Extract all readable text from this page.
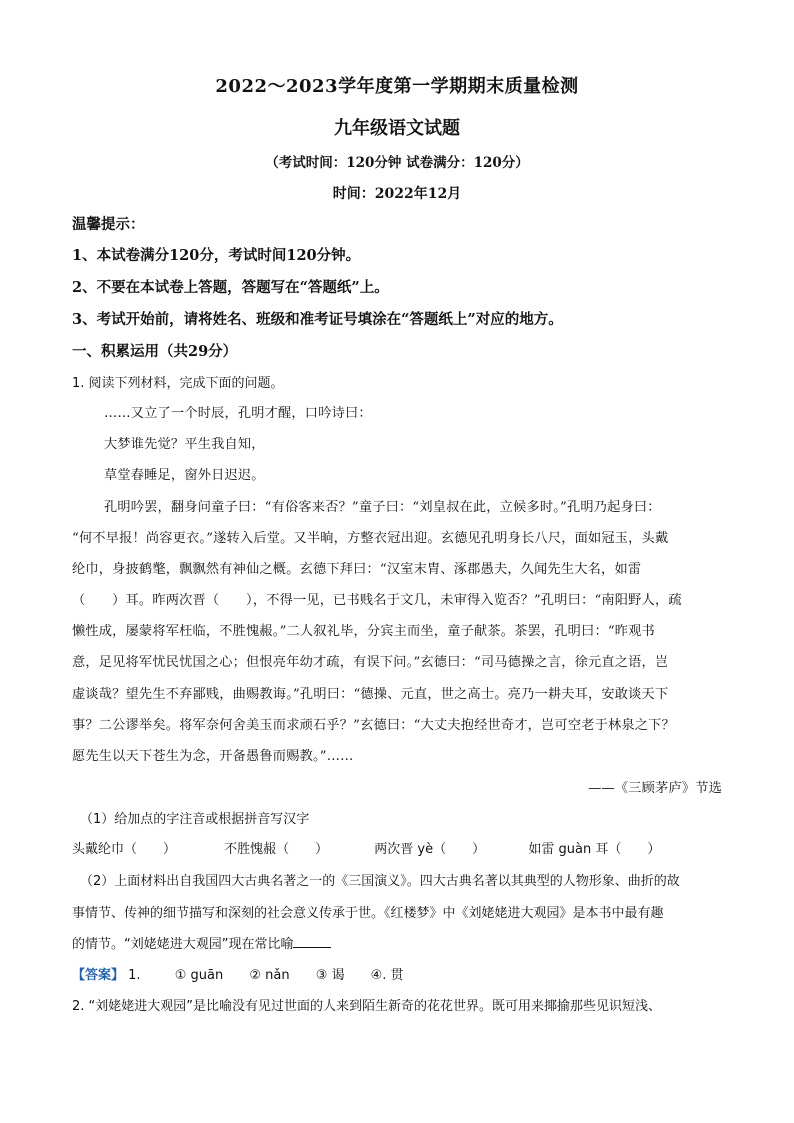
2022～2023学年度第一学期期末质量检测
九年级语文试题
（考试时间：120分钟 试卷满分：120分）
时间：2022年12月
温馨提示：
1、本试卷满分120分，考试时间120分钟。
2、不要在本试卷上答题，答题写在“答题纸”上。
3、考试开始前，请将姓名、班级和准考证号填涂在“答题纸上”对应的地方。
一、积累运用（共29分）
1. 阅读下列材料，完成下面的问题。
……又立了一个时辰，孔明才醒，口吟诗曰：
大梦谁先觉？平生我自知，
草堂春睡足，窗外日迟迟。
孔明吟罢，翻身问童子曰：“有俗客来否？”童子曰：“刘皇叔在此，立候多时。”孔明乃起身曰：
“何不早报！尚容更衣。”遂转入后堂。又半晌，方整衣冠出迎。玄德见孔明身长八尺，面如冠玉，头戴
纶巾，身披鹤氅，飘飘然有神仙之概。玄德下拜曰：“汉室末胄、涿郡愚夫，久闻先生大名，如雷
（　　）耳。昨两次晋（　　），不得一见，已书贱名于文几，未审得入览否？”孔明曰：“南阳野人，疏
懒性成，屡蒙将军枉临，不胜愧赧。”二人叙礼毕，分宾主而坐，童子献茶。茶罢，孔明曰：“昨观书
意，足见将军忧民忧国之心；但恨亮年幼才疏，有误下问。”玄德曰：“司马德操之言，徐元直之语，岂
虚谈哉？望先生不弃鄙贱，曲赐教诲。”孔明曰：“德操、元直，世之高士。亮乃一耕夫耳，安敢谈天下
事？二公谬举矣。将军奈何舍美玉而求顽石乎？”玄德曰：“大丈夫抱经世奇才，岂可空老于林泉之下？
愿先生以天下苍生为念，开备愚鲁而赐教。”……
——《三顾茅庐》节选
（1）给加点的字注音或根据拼音写汉字
头戴纶巾（　　）	不胜愧赧（　　）	两次晋 yè（　　）	如雷 guàn 耳（　　）
（2）上面材料出自我国四大古典名著之一的《三国演义》。四大古典名著以其典型的人物形象、曲折的故
事情节、传神的细节描写和深刻的社会意义传承于世。《红楼梦》中《刘姥姥进大观园》是本书中最有趣
的情节。“刘姥姥进大观园”现在常比喻
【答案】 1.	① guān ② nǎn ③ 谒 ④. 贯
2. “刘姥姥进大观园”是比喻没有见过世面的人来到陌生新奇的花花世界。既可用来揶揄那些见识短浅、
